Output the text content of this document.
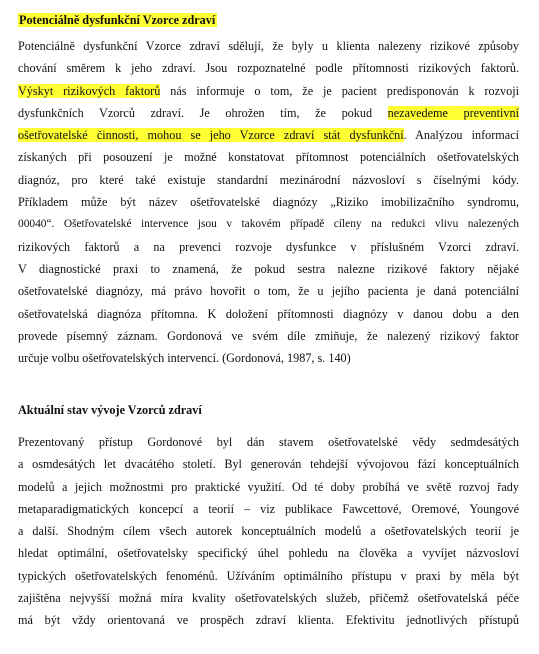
Potenciálně dysfunkční Vzorce zdraví
Potenciálně dysfunkční Vzorce zdraví sdělují, že byly u klienta nalezeny rizikové způsoby
chování směrem k jeho zdraví. Jsou rozpoznatelné podle přítomnosti rizikových faktorů.
Výskyt rizikových faktorů nás informuje o tom, že je pacient predisponován k rozvoji
dysfunkčních Vzorců zdraví. Je ohrožen tím, že pokud nezavedeme preventivní
ošetřovatelské činnosti, mohou se jeho Vzorce zdraví stát dysfunkční. Analýzou informací
získaných při posouzení je možné konstatovat přítomnost potenciálních ošetřovatelských
diagnóz, pro které také existuje standardní mezinárodní názvosloví s číselnými kódy.
Příkladem může být název ošetřovatelské diagnózy „Riziko imobilizačního syndromu,
00040“. Ošetřovatelské intervence jsou v takovém případě cíleny na redukci vlivu nalezených
rizikových faktorů a na prevenci rozvoje dysfunkce v příslušném Vzorci zdraví.
V diagnostické praxi to znamená, že pokud sestra nalezne rizikové faktory nějaké
ošetřovatelské diagnózy, má právo hovořit o tom, že u jejího pacienta je daná potenciální
ošetřovatelská diagnóza přítomna. K doložení přítomnosti diagnózy v danou dobu a den
provede písemný záznam. Gordonová ve svém díle zmiňuje, že nalezený rizikový faktor
určuje volbu ošetřovatelských intervencí. (Gordonová, 1987, s. 140)
Aktuální stav vývoje Vzorců zdraví
Prezentovaný přístup Gordonové byl dán stavem ošetřovatelské vědy sedmdesátých
a osmdesátých let dvacátého století. Byl generován tehdejší vývojovou fází konceptuálních
modelů a jejich možnostmi pro praktické využití. Od té doby probíhá ve světě rozvoj řady
metaparadigmatických koncepcí a teorií – viz publikace Fawcettové, Oremové, Youngové
a další. Shodným cílem všech autorek konceptuálních modelů a ošetřovatelských teorií je
hledat optimální, ošetřovatelsky specifický úhel pohledu na člověka a vyvíjet názvosloví
typických ošetřovatelských fenoménů. Užíváním optimálního přístupu v praxi by měla být
zajištěna nejvyšší možná míra kvality ošetřovatelských služeb, přičemž ošetřovatelská péče
má být vždy orientovaná ve prospěch zdraví klienta. Efektivitu jednotlivých přístupů
